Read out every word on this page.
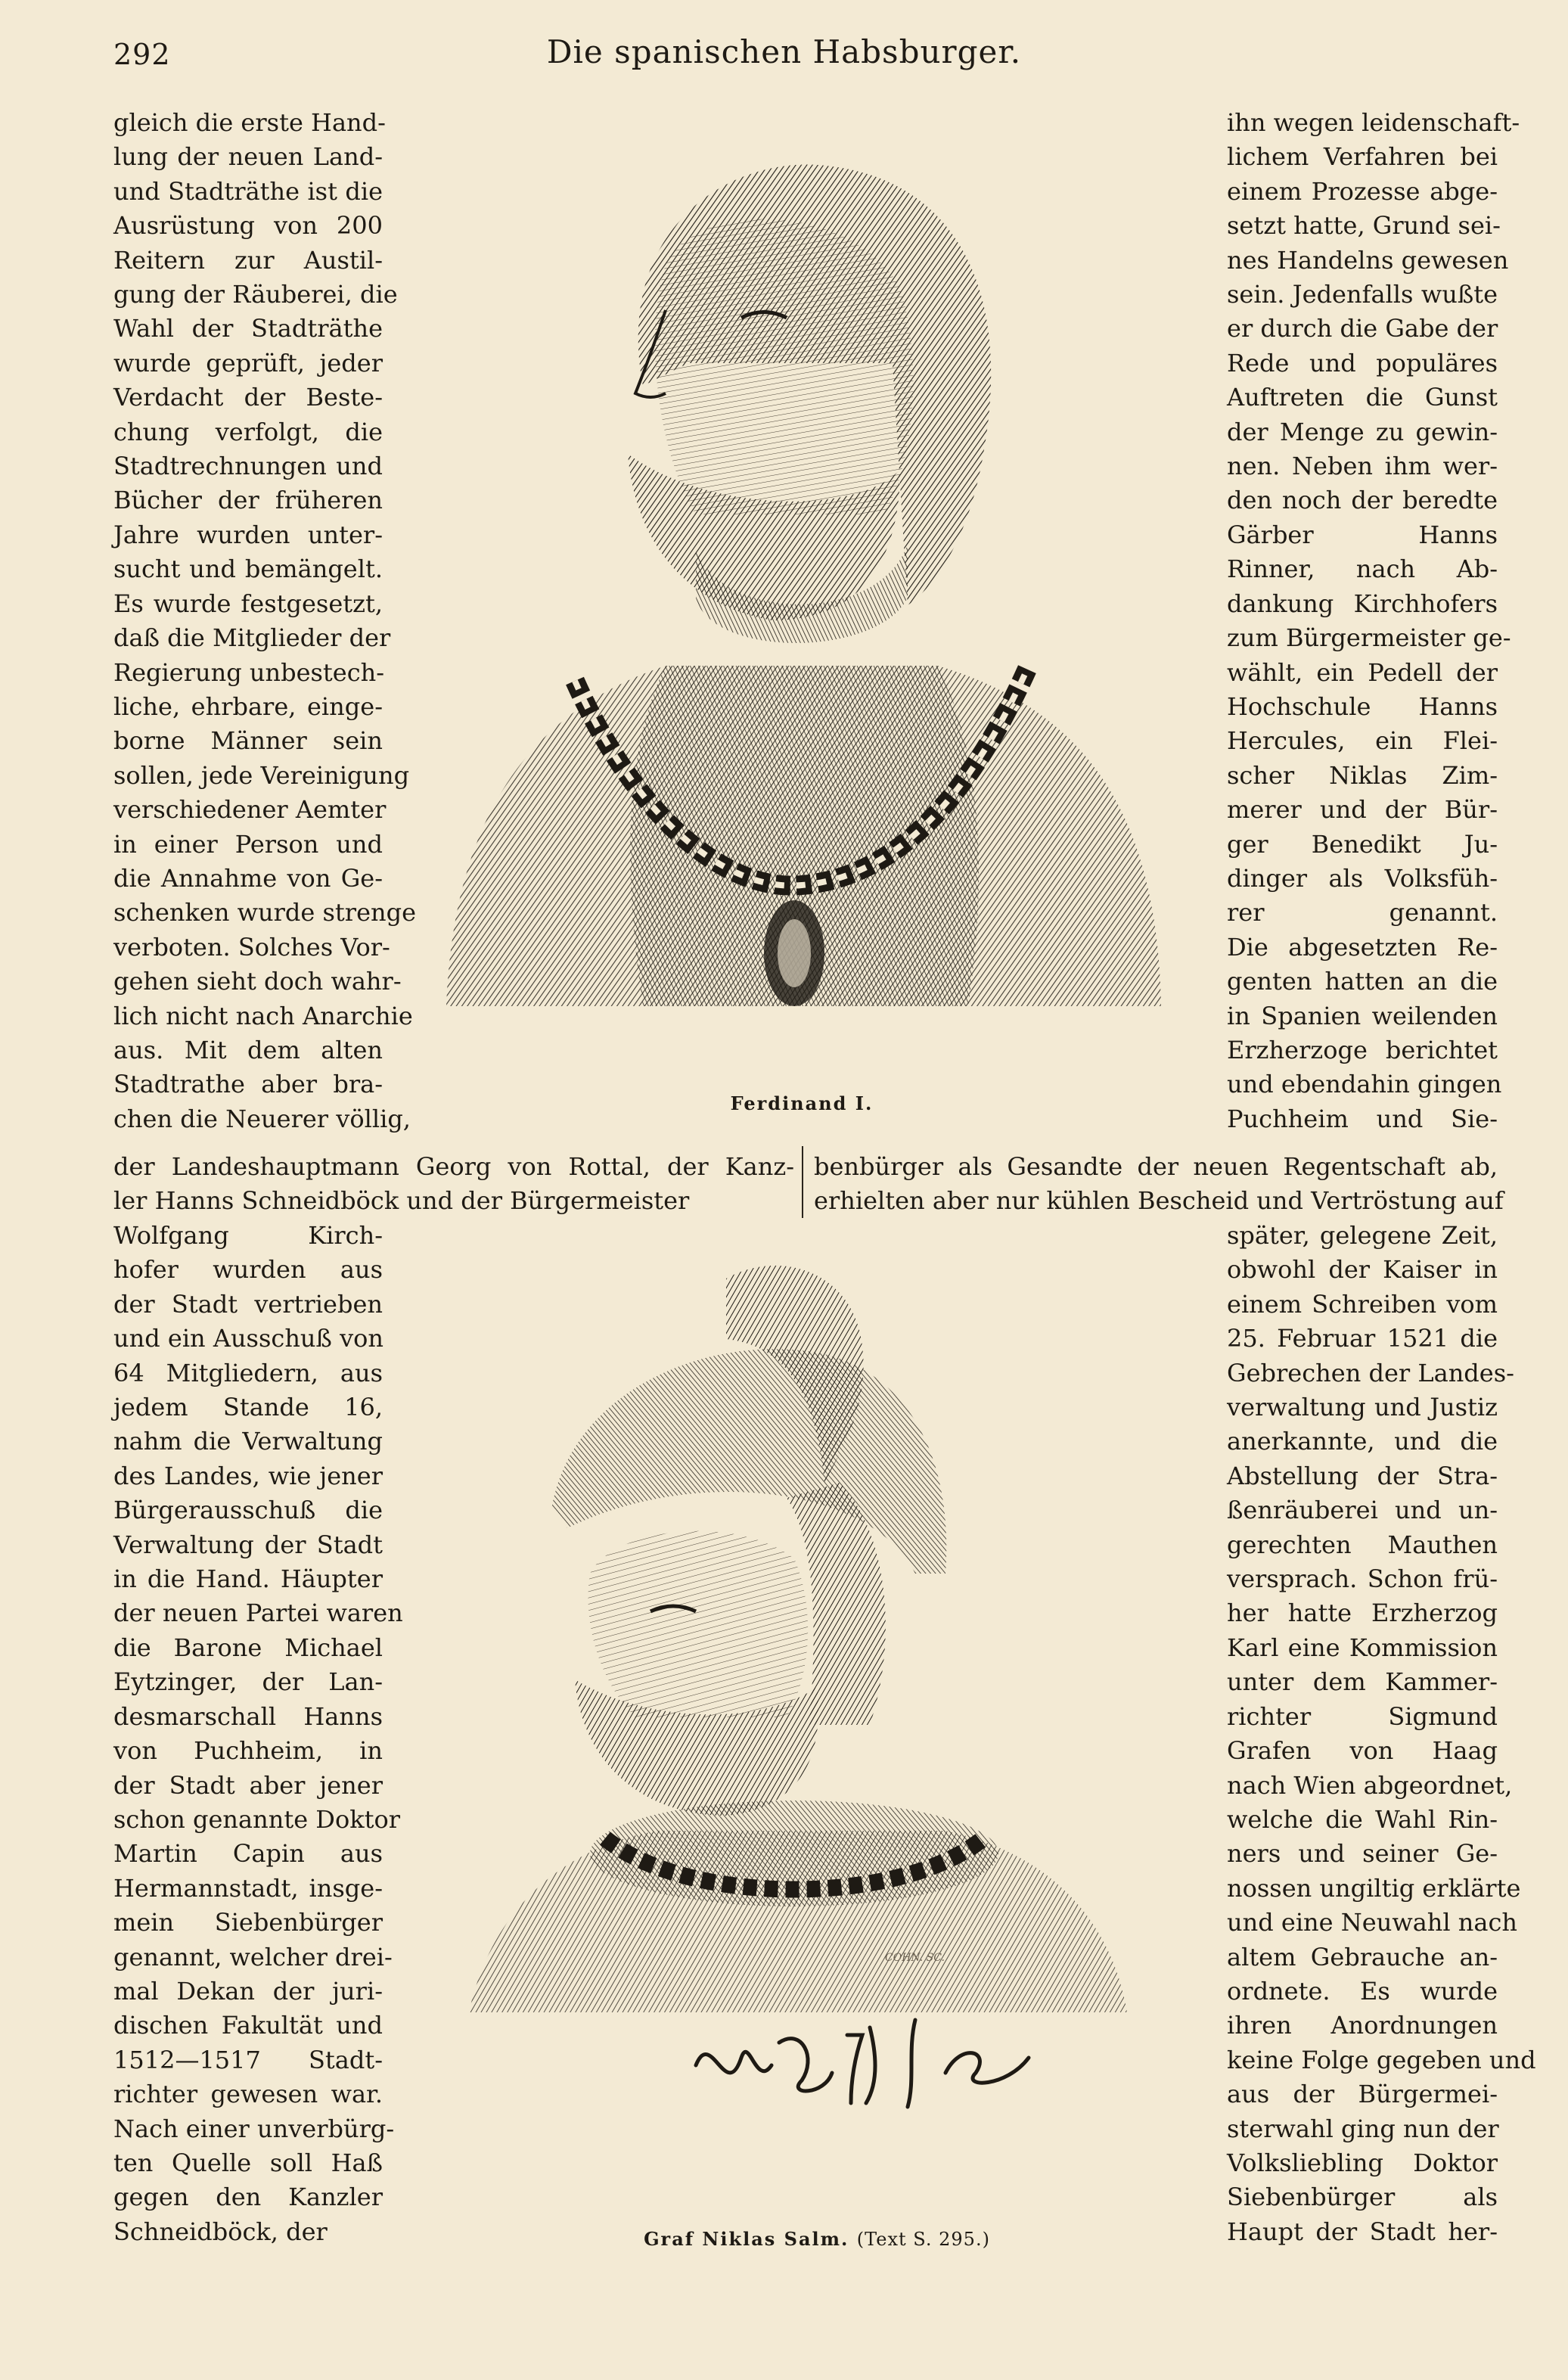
292	Die spanischen Habsburger.
gleich die erste Hand-
lung der neuen Land-
und Stadträthe ist die
Ausrüstung von 200
Reitern zur Austil-
gung der Räuberei, die
Wahl der Stadträthe
wurde geprüft, jeder
Verdacht der Beste-
chung verfolgt, die
Stadtrechnungen und
Bücher der früheren
Jahre wurden unter-
sucht und bemängelt.
Es wurde festgesetzt,
daß die Mitglieder der
Regierung unbestech-
liche, ehrbare, einge-
borne Männer sein
sollen, jede Vereinigung
verschiedener Aemter
in einer Person und
die Annahme von Ge-
schenken wurde strenge
verboten. Solches Vor-
gehen sieht doch wahr-
lich nicht nach Anarchie
aus. Mit dem alten
Stadtrathe aber bra-
chen die Neuerer völlig,
ihn wegen leidenschaft-
lichem Verfahren bei
einem Prozesse abge-
setzt hatte, Grund sei-
nes Handelns gewesen
sein. Jedenfalls wußte
er durch die Gabe der
Rede und populäres
Auftreten die Gunst
der Menge zu gewin-
nen. Neben ihm wer-
den noch der beredte
Gärber Hanns
Rinner, nach Ab-
dankung Kirchhofers
zum Bürgermeister ge-
wählt, ein Pedell der
Hochschule Hanns
Hercules, ein Flei-
scher Niklas Zim-
merer und der Bür-
ger Benedikt Ju-
dinger als Volksfüh-
rer genannt.
Die abgesetzten Re-
genten hatten an die
in Spanien weilenden
Erzherzoge berichtet
und ebendahin gingen
Puchheim und Sie-
Ferdinand I.
der Landeshauptmann Georg von Rottal, der Kanz-
ler Hanns Schneidböck und der Bürgermeister
benbürger als Gesandte der neuen Regentschaft ab,
erhielten aber nur kühlen Bescheid und Vertröstung auf
Wolfgang Kirch-
hofer wurden aus
der Stadt vertrieben
und ein Ausschuß von
64 Mitgliedern, aus
jedem Stande 16,
nahm die Verwaltung
des Landes, wie jener
Bürgerausschuß die
Verwaltung der Stadt
in die Hand. Häupter
der neuen Partei waren
die Barone Michael
Eytzinger, der Lan-
desmarschall Hanns
von Puchheim, in
der Stadt aber jener
schon genannte Doktor
Martin Capin aus
Hermannstadt, insge-
mein Siebenbürger
genannt, welcher drei-
mal Dekan der juri-
dischen Fakultät und
1512—1517 Stadt-
richter gewesen war.
Nach einer unverbürg-
ten Quelle soll Haß
gegen den Kanzler
Schneidböck, der
später, gelegene Zeit,
obwohl der Kaiser in
einem Schreiben vom
25. Februar 1521 die
Gebrechen der Landes-
verwaltung und Justiz
anerkannte, und die
Abstellung der Stra-
ßenräuberei und un-
gerechten Mauthen
versprach. Schon frü-
her hatte Erzherzog
Karl eine Kommission
unter dem Kammer-
richter Sigmund
Grafen von Haag
nach Wien abgeordnet,
welche die Wahl Rin-
ners und seiner Ge-
nossen ungiltig erklärte
und eine Neuwahl nach
altem Gebrauche an-
ordnete. Es wurde
ihren Anordnungen
keine Folge gegeben und
aus der Bürgermei-
sterwahl ging nun der
Volksliebling Doktor
Siebenbürger als
Haupt der Stadt her-
COHN. SC.
Graf Niklas Salm. (Text S. 295.)
